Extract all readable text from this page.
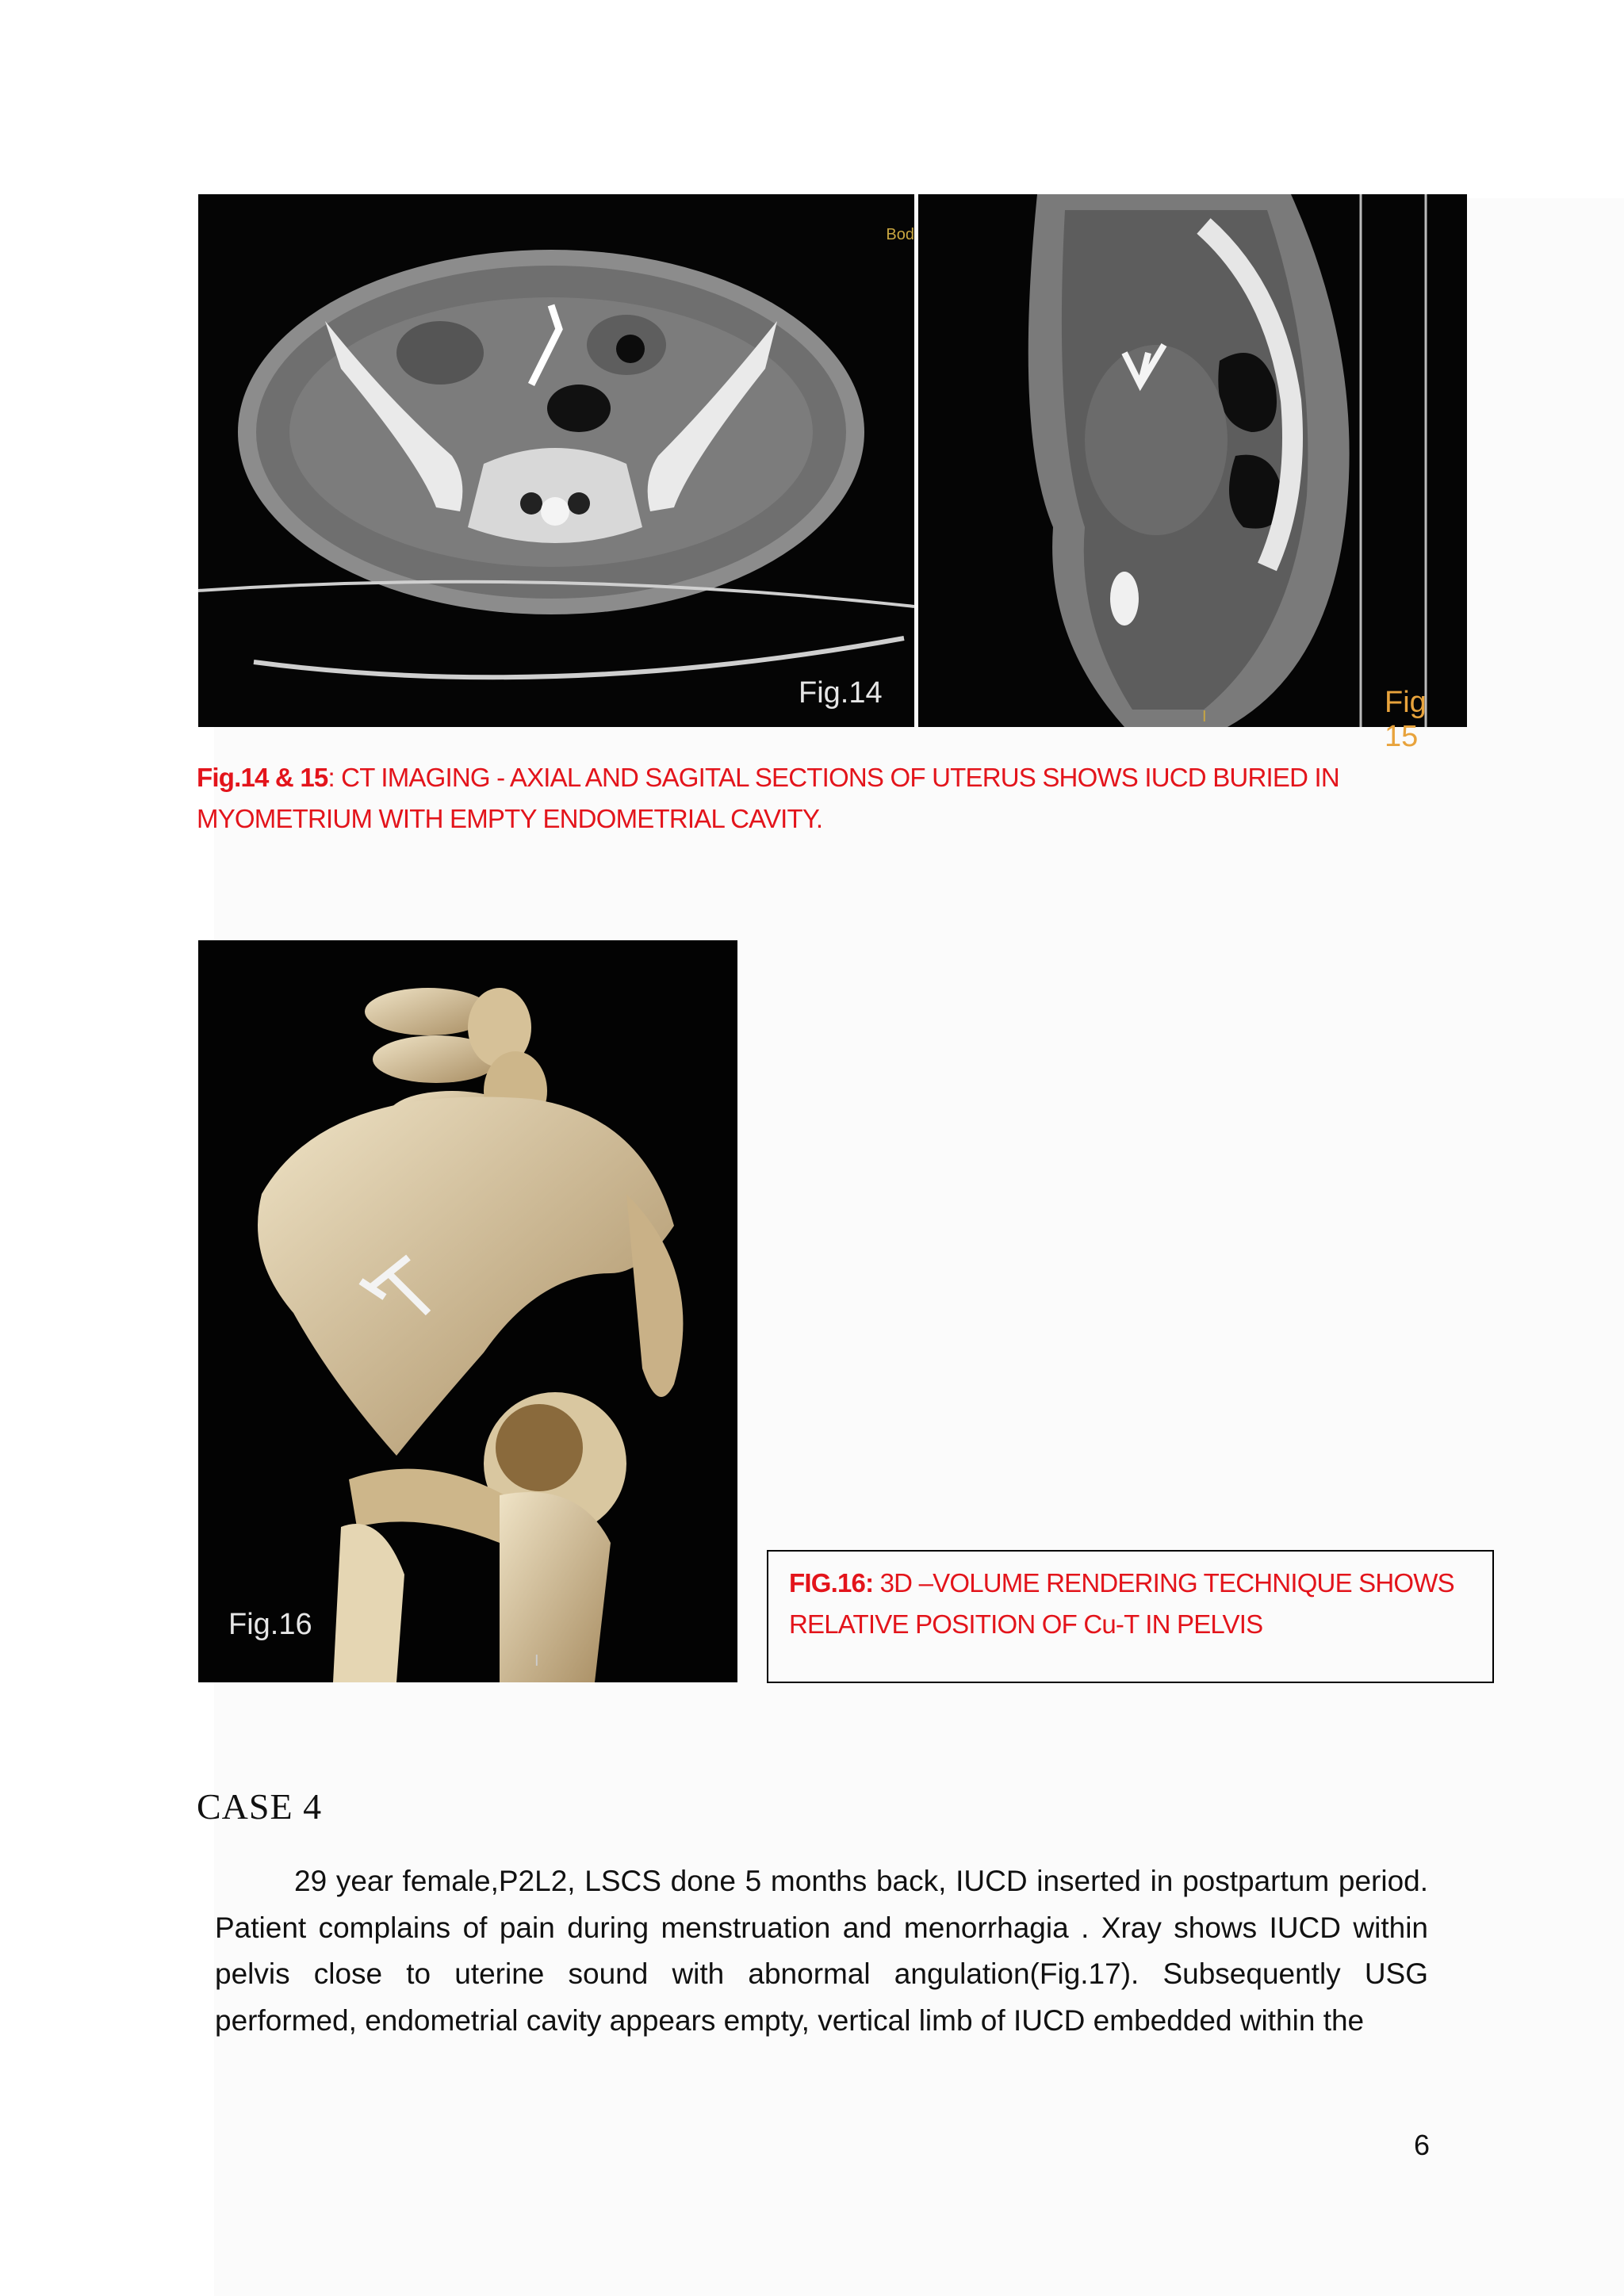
Bod
Fig.14	Fig 15
I
Fig.14 & 15: CT IMAGING - AXIAL AND SAGITAL SECTIONS OF UTERUS SHOWS IUCD BURIED IN MYOMETRIUM WITH EMPTY ENDOMETRIAL CAVITY.
Fig.16
I
FIG.16: 3D –VOLUME RENDERING TECHNIQUE SHOWS RELATIVE POSITION OF Cu-T IN PELVIS
CASE 4
29 year female,P2L2, LSCS done 5 months back, IUCD inserted in postpartum period. Patient complains of pain during menstruation and menorrhagia . Xray shows IUCD within pelvis close to uterine sound with abnormal angulation(Fig.17). Subsequently USG performed, endometrial cavity appears empty, vertical limb of IUCD embedded within the
6
